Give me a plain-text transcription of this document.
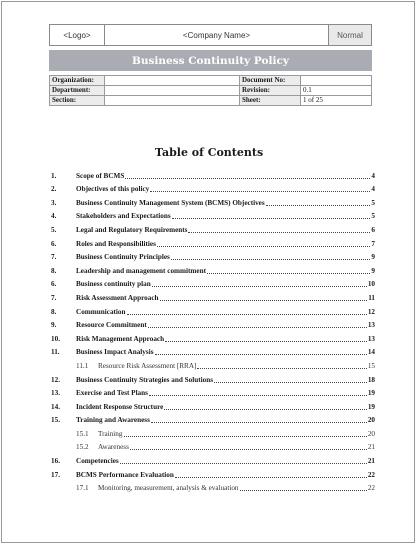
<Logo>	<Company Name>	Normal
Business Continuity Policy
Organization:		Document No:	
Department:		Revision:	0.1
Section:		Sheet:	1 of 25
Table of Contents
1.	Scope of BCMS	4
2.	Objectives of this policy	4
3.	Business Continuity Management System (BCMS) Objectives	5
4.	Stakeholders and Expectations	5
5.	Legal and Regulatory Requirements	6
6.	Roles and Responsibilities	7
7.	Business Continuity Principles	9
8.	Leadership and management commitment	9
6.	Business continuity plan	10
7.	Risk Assessment Approach	11
8.	Communication	12
9.	Resource Commitment	13
10.	Risk Management Approach	13
11.	Business Impact Analysis	14
11.1	Resource Risk Assessment [RRA]	15
12.	Business Continuity Strategies and Solutions	18
13.	Exercise and Test Plans	19
14.	Incident Response Structure	19
15.	Training and Awareness	20
15.1	Training	20
15.2	Awareness	21
16.	Competencies	21
17.	BCMS Performance Evaluation	22
17.1	Monitoring, measurement, analysis & evaluation	22
